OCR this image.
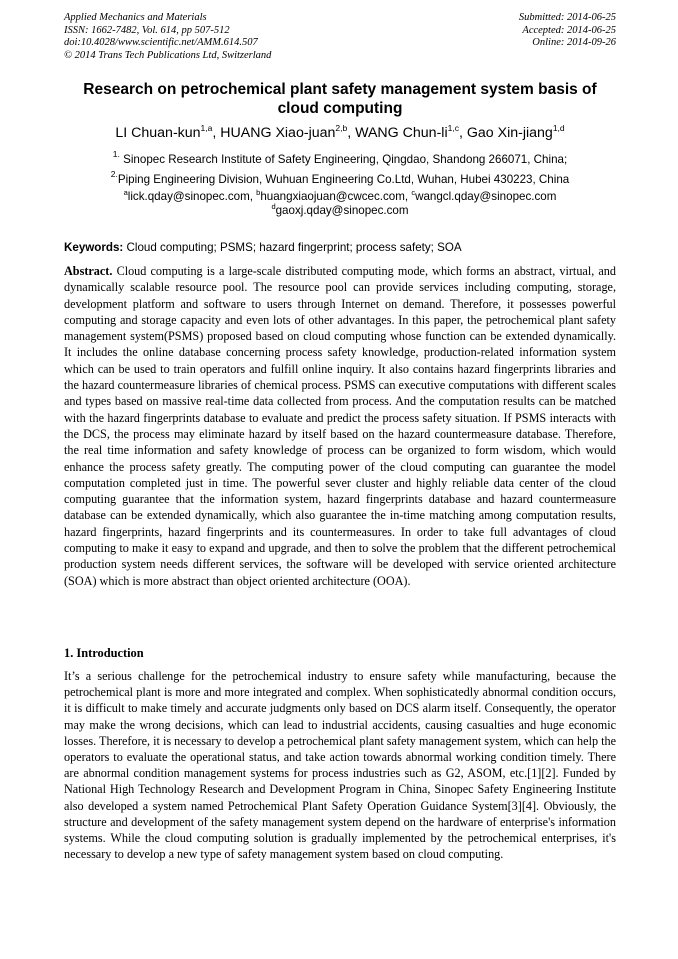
Applied Mechanics and Materials
ISSN: 1662-7482, Vol. 614, pp 507-512
doi:10.4028/www.scientific.net/AMM.614.507
© 2014 Trans Tech Publications Ltd, Switzerland
Submitted: 2014-06-25
Accepted: 2014-06-25
Online: 2014-09-26
Research on petrochemical plant safety management system basis of cloud computing
LI Chuan-kun$^{1,a}$, HUANG Xiao-juan$^{2,b}$, WANG Chun-li$^{1,c}$, Gao Xin-jiang$^{1,d}$
$^{1.}$ Sinopec Research Institute of Safety Engineering, Qingdao, Shandong 266071, China;
$^{2.}$Piping Engineering Division, Wuhuan Engineering Co.Ltd, Wuhan, Hubei 430223, China
$^a$lick.qday@sinopec.com, $^b$huangxiaojuan@cwcec.com, $^c$wangcl.qday@sinopec.com
$^d$gaoxj.qday@sinopec.com
Keywords: Cloud computing; PSMS; hazard fingerprint; process safety; SOA
Abstract. Cloud computing is a large-scale distributed computing mode, which forms an abstract, virtual, and dynamically scalable resource pool. The resource pool can provide services including computing, storage, development platform and software to users through Internet on demand. Therefore, it possesses powerful computing and storage capacity and even lots of other advantages. In this paper, the petrochemical plant safety management system(PSMS) proposed based on cloud computing whose function can be extended dynamically. It includes the online database concerning process safety knowledge, production-related information system which can be used to train operators and fulfill online inquiry. It also contains hazard fingerprints libraries and the hazard countermeasure libraries of chemical process. PSMS can executive computations with different scales and types based on massive real-time data collected from process. And the computation results can be matched with the hazard fingerprints database to evaluate and predict the process safety situation. If PSMS interacts with the DCS, the process may eliminate hazard by itself based on the hazard countermeasure database. Therefore, the real time information and safety knowledge of process can be organized to form wisdom, which would enhance the process safety greatly. The computing power of the cloud computing can guarantee the model computation completed just in time. The powerful sever cluster and highly reliable data center of the cloud computing guarantee that the information system, hazard fingerprints database and hazard countermeasure database can be extended dynamically, which also guarantee the in-time matching among computation results, hazard fingerprints, hazard fingerprints and its countermeasures. In order to take full advantages of cloud computing to make it easy to expand and upgrade, and then to solve the problem that the different petrochemical production system needs different services, the software will be developed with service oriented architecture (SOA) which is more abstract than object oriented architecture (OOA).
1. Introduction
It’s a serious challenge for the petrochemical industry to ensure safety while manufacturing, because the petrochemical plant is more and more integrated and complex. When sophisticatedly abnormal condition occurs, it is difficult to make timely and accurate judgments only based on DCS alarm itself. Consequently, the operator may make the wrong decisions, which can lead to industrial accidents, causing casualties and huge economic losses. Therefore, it is necessary to develop a petrochemical plant safety management system, which can help the operators to evaluate the operational status, and take action towards abnormal working condition timely. There are abnormal condition management systems for process industries such as G2, ASOM, etc.[1][2]. Funded by National High Technology Research and Development Program in China, Sinopec Safety Engineering Institute also developed a system named Petrochemical Plant Safety Operation Guidance System[3][4]. Obviously, the structure and development of the safety management system depend on the hardware of enterprise's information systems. While the cloud computing solution is gradually implemented by the petrochemical enterprises, it's necessary to develop a new type of safety management system based on cloud computing.
